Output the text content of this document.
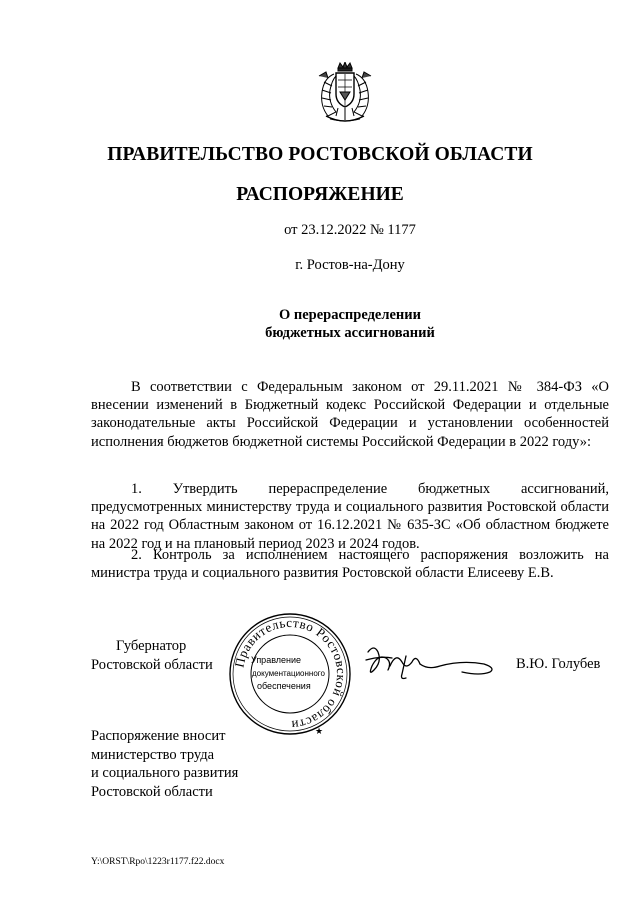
ПРАВИТЕЛЬСТВО РОСТОВСКОЙ ОБЛАСТИ
РАСПОРЯЖЕНИЕ
от 23.12.2022 № 1177
г. Ростов-на-Дону
О перераспределении
бюджетных ассигнований

В соответствии с Федеральным законом от 29.11.2021 № 384-ФЗ «О внесении изменений в Бюджетный кодекс Российской Федерации и отдельные законодательные акты Российской Федерации и установлении особенностей исполнения бюджетов бюджетной системы Российской Федерации в 2022 году»:

1. Утвердить перераспределение бюджетных ассигнований, предусмотренных министерству труда и социального развития Ростовской области на 2022 год Областным законом от 16.12.2021 № 635-ЗС «Об областном бюджете на 2022 год и на плановый период 2023 и 2024 годов.

2. Контроль за исполнением настоящего распоряжения возложить на министра труда и социального развития Ростовской области Елисееву Е.В.

Губернатор
Ростовской области Правительство Ростовской области	★
Управление
документационного
обеспечения
В.Ю. Голубев
Распоряжение вносит
министерство труда
и социального развития
Ростовской области
Y:\ORST\Rpo\1223r1177.f22.docx
